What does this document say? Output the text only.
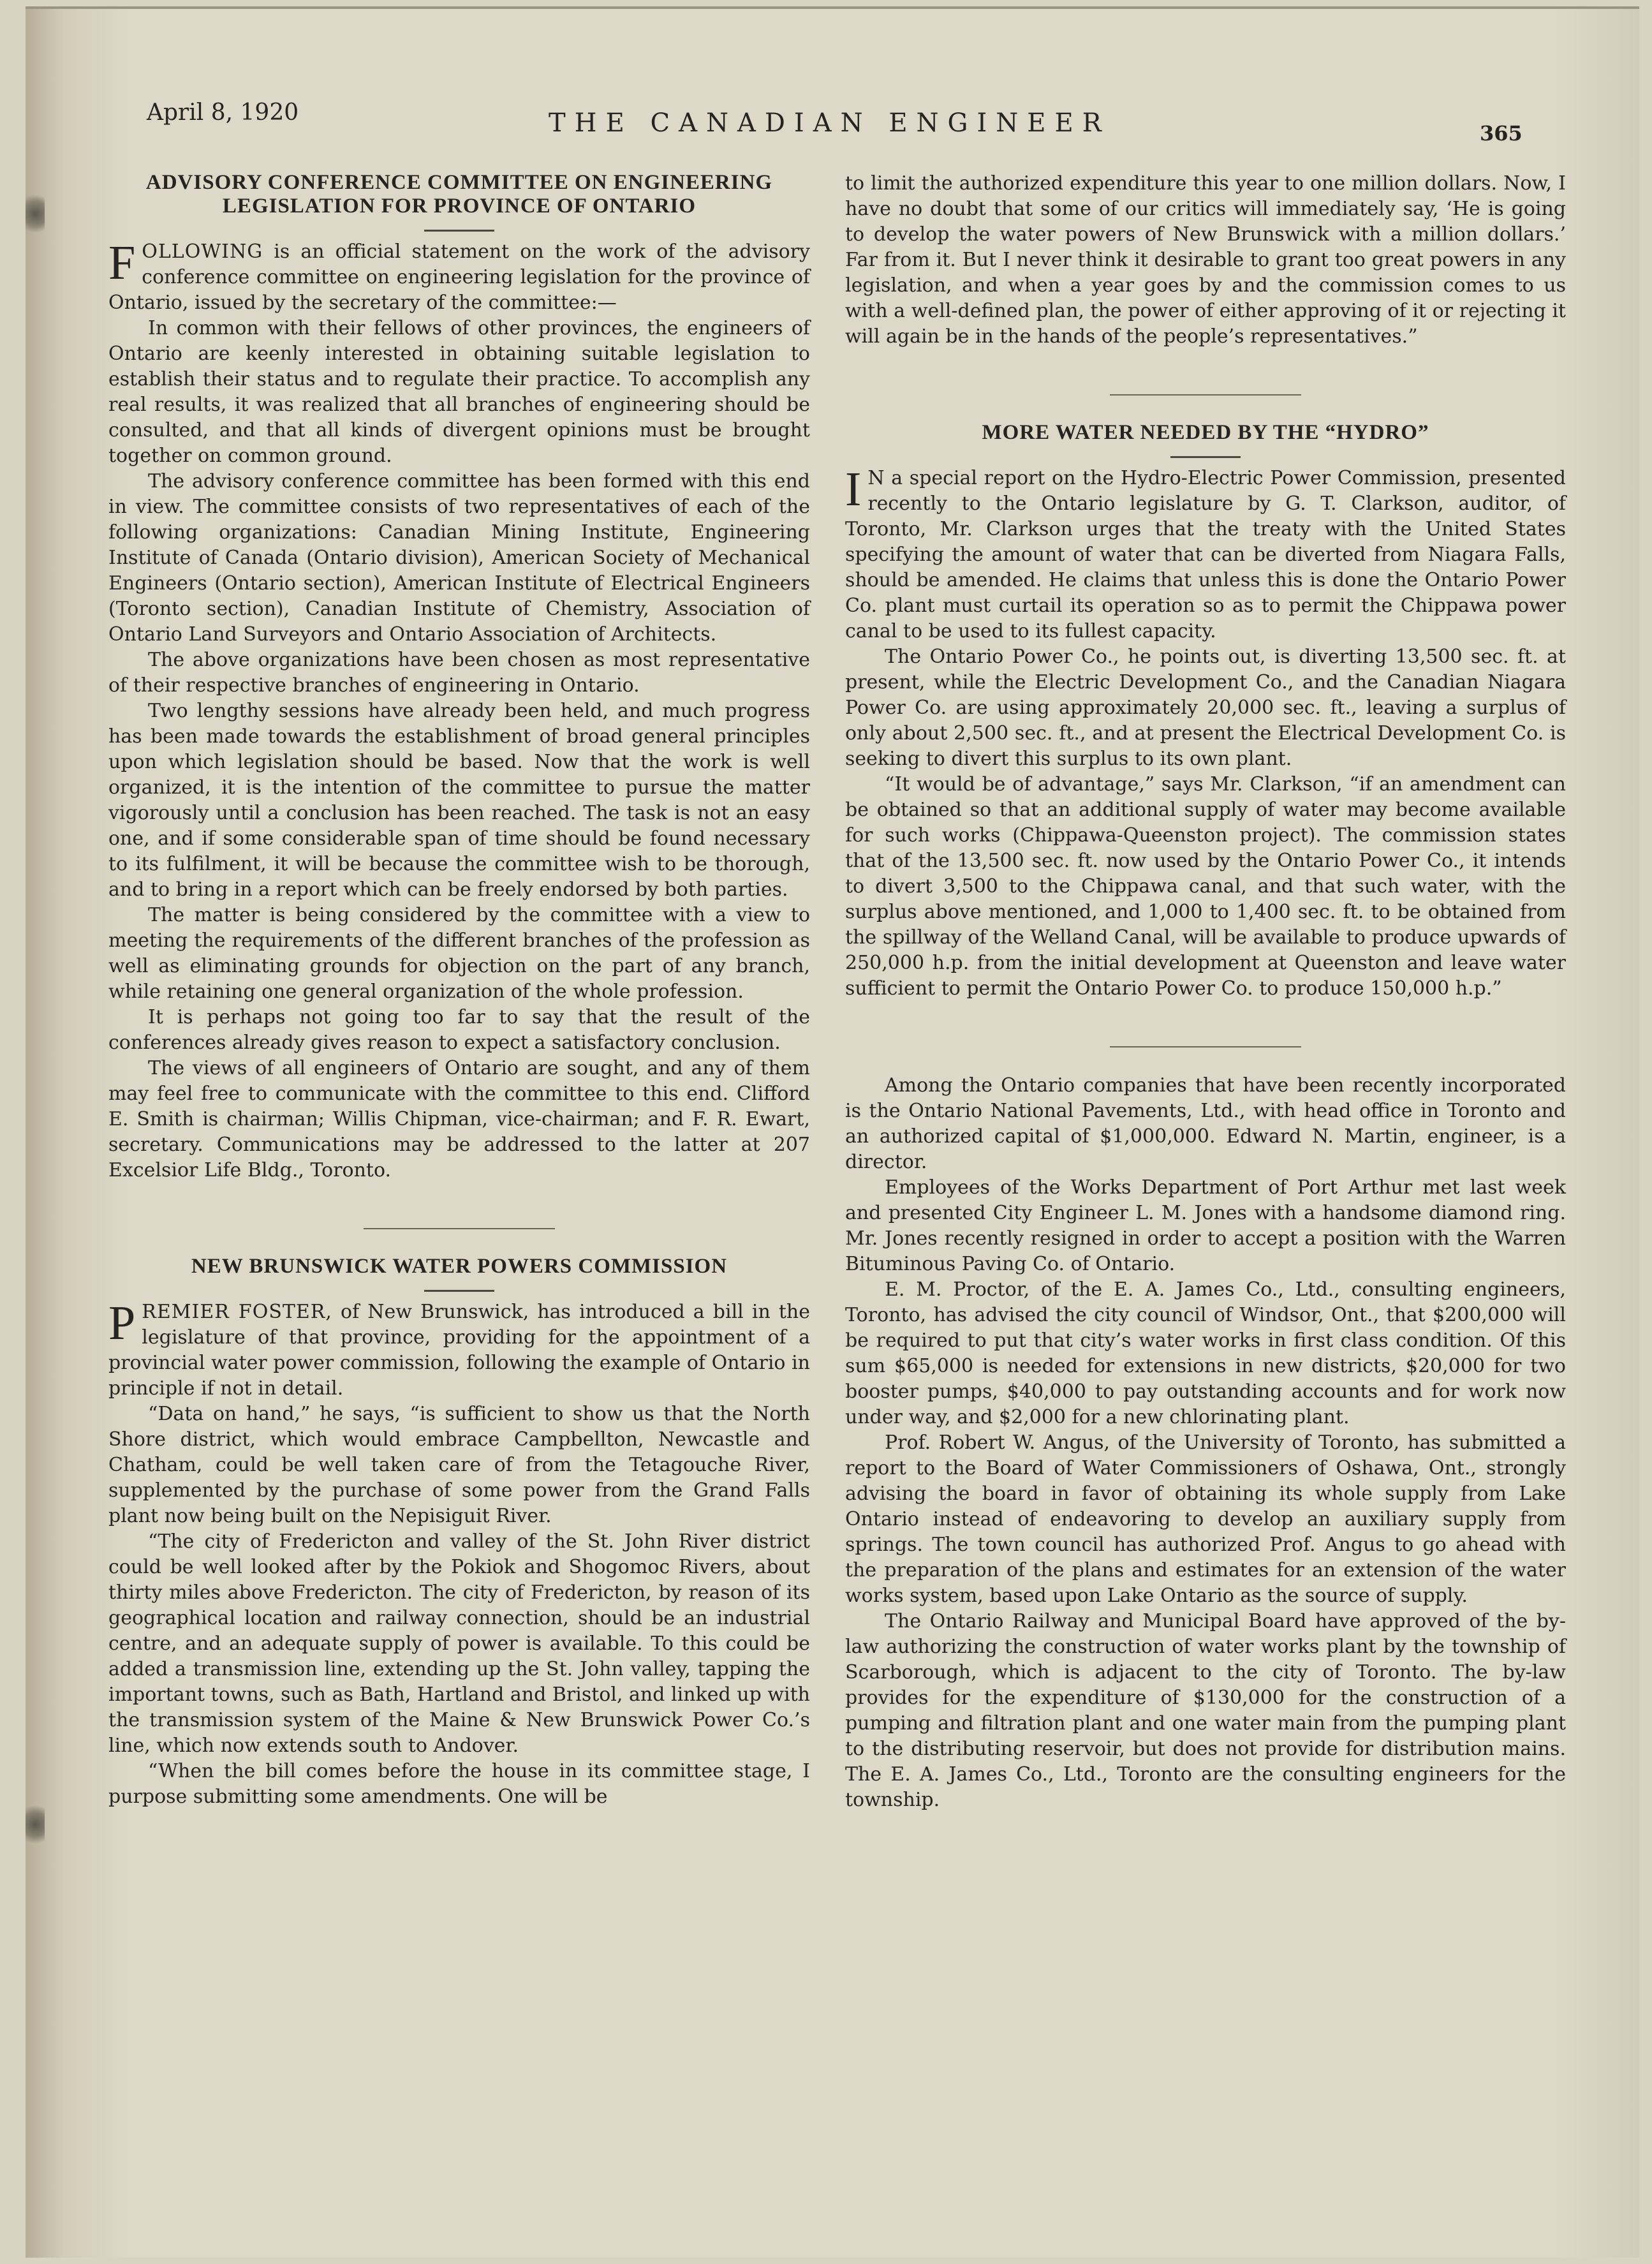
April 8, 1920	THE CANADIAN ENGINEER	365
ADVISORY CONFERENCE COMMITTEE ON ENGINEERING LEGISLATION FOR PROVINCE OF ONTARIO

FOLLOWING is an official statement on the work of the advisory conference committee on engineering legislation for the province of Ontario, issued by the secretary of the committee:—

In common with their fellows of other provinces, the engineers of Ontario are keenly interested in obtaining suitable legislation to establish their status and to regulate their practice. To accomplish any real results, it was realized that all branches of engineering should be consulted, and that all kinds of divergent opinions must be brought together on common ground.

The advisory conference committee has been formed with this end in view. The committee consists of two representatives of each of the following organizations: Canadian Mining Institute, Engineering Institute of Canada (Ontario division), American Society of Mechanical Engineers (Ontario section), American Institute of Electrical Engineers (Toronto section), Canadian Institute of Chemistry, Association of Ontario Land Surveyors and Ontario Association of Architects.

The above organizations have been chosen as most representative of their respective branches of engineering in Ontario.

Two lengthy sessions have already been held, and much progress has been made towards the establishment of broad general principles upon which legislation should be based. Now that the work is well organized, it is the intention of the committee to pursue the matter vigorously until a conclusion has been reached. The task is not an easy one, and if some considerable span of time should be found necessary to its fulfilment, it will be because the committee wish to be thorough, and to bring in a report which can be freely endorsed by both parties.

The matter is being considered by the committee with a view to meeting the requirements of the different branches of the profession as well as eliminating grounds for objection on the part of any branch, while retaining one general organization of the whole profession.

It is perhaps not going too far to say that the result of the conferences already gives reason to expect a satisfactory conclusion.

The views of all engineers of Ontario are sought, and any of them may feel free to communicate with the committee to this end. Clifford E. Smith is chairman; Willis Chipman, vice-chairman; and F. R. Ewart, secretary. Communications may be addressed to the latter at 207 Excelsior Life Bldg., Toronto.

NEW BRUNSWICK WATER POWERS COMMISSION

PREMIER FOSTER, of New Brunswick, has introduced a bill in the legislature of that province, providing for the appointment of a provincial water power commission, following the example of Ontario in principle if not in detail.

“Data on hand,” he says, “is sufficient to show us that the North Shore district, which would embrace Campbellton, Newcastle and Chatham, could be well taken care of from the Tetagouche River, supplemented by the purchase of some power from the Grand Falls plant now being built on the Nepisiguit River.

“The city of Fredericton and valley of the St. John River district could be well looked after by the Pokiok and Shogomoc Rivers, about thirty miles above Fredericton. The city of Fredericton, by reason of its geographical location and railway connection, should be an industrial centre, and an adequate supply of power is available. To this could be added a transmission line, extending up the St. John valley, tapping the important towns, such as Bath, Hartland and Bristol, and linked up with the transmission system of the Maine & New Brunswick Power Co.’s line, which now extends south to Andover.

“When the bill comes before the house in its committee stage, I purpose submitting some amendments. One will be

to limit the authorized expenditure this year to one million dollars. Now, I have no doubt that some of our critics will immediately say, ‘He is going to develop the water powers of New Brunswick with a million dollars.’ Far from it. But I never think it desirable to grant too great powers in any legislation, and when a year goes by and the commission comes to us with a well-defined plan, the power of either approving of it or rejecting it will again be in the hands of the people’s representatives.”

MORE WATER NEEDED BY THE “HYDRO”

I N a special report on the Hydro-Electric Power Commission, presented recently to the Ontario legislature by G. T. Clarkson, auditor, of Toronto, Mr. Clarkson urges that the treaty with the United States specifying the amount of water that can be diverted from Niagara Falls, should be amended. He claims that unless this is done the Ontario Power Co. plant must curtail its operation so as to permit the Chippawa power canal to be used to its fullest capacity.

The Ontario Power Co., he points out, is diverting 13,500 sec. ft. at present, while the Electric Development Co., and the Canadian Niagara Power Co. are using approximately 20,000 sec. ft., leaving a surplus of only about 2,500 sec. ft., and at present the Electrical Development Co. is seeking to divert this surplus to its own plant.

“It would be of advantage,” says Mr. Clarkson, “if an amendment can be obtained so that an additional supply of water may become available for such works (Chippawa-Queenston project). The commission states that of the 13,500 sec. ft. now used by the Ontario Power Co., it intends to divert 3,500 to the Chippawa canal, and that such water, with the surplus above mentioned, and 1,000 to 1,400 sec. ft. to be obtained from the spillway of the Welland Canal, will be available to produce upwards of 250,000 h.p. from the initial development at Queenston and leave water sufficient to permit the Ontario Power Co. to produce 150,000 h.p.”

Among the Ontario companies that have been recently incorporated is the Ontario National Pavements, Ltd., with head office in Toronto and an authorized capital of $1,000,000. Edward N. Martin, engineer, is a director.

Employees of the Works Department of Port Arthur met last week and presented City Engineer L. M. Jones with a handsome diamond ring. Mr. Jones recently resigned in order to accept a position with the Warren Bituminous Paving Co. of Ontario.

E. M. Proctor, of the E. A. James Co., Ltd., consulting engineers, Toronto, has advised the city council of Windsor, Ont., that $200,000 will be required to put that city’s water works in first class condition. Of this sum $65,000 is needed for extensions in new districts, $20,000 for two booster pumps, $40,000 to pay outstanding accounts and for work now under way, and $2,000 for a new chlorinating plant.

Prof. Robert W. Angus, of the University of Toronto, has submitted a report to the Board of Water Commissioners of Oshawa, Ont., strongly advising the board in favor of obtaining its whole supply from Lake Ontario instead of endeavoring to develop an auxiliary supply from springs. The town council has authorized Prof. Angus to go ahead with the preparation of the plans and estimates for an extension of the water works system, based upon Lake Ontario as the source of supply.

The Ontario Railway and Municipal Board have approved of the by-law authorizing the construction of water works plant by the township of Scarborough, which is adjacent to the city of Toronto. The by-law provides for the expenditure of $130,000 for the construction of a pumping and filtration plant and one water main from the pumping plant to the distributing reservoir, but does not provide for distribution mains. The E. A. James Co., Ltd., Toronto are the consulting engineers for the township.
